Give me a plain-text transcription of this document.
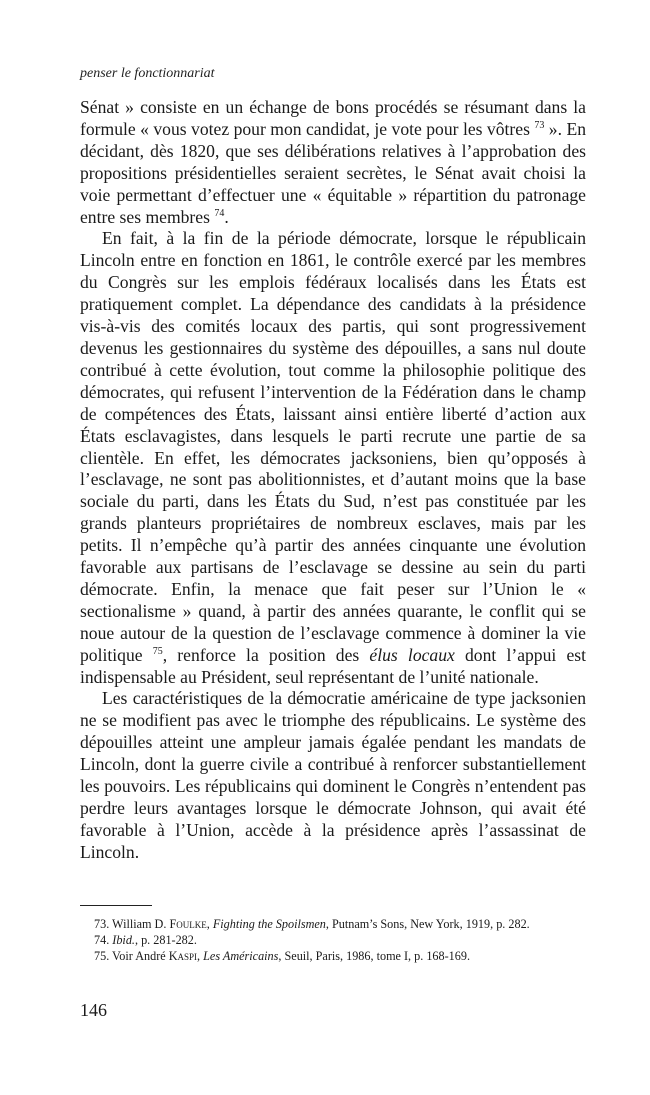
penser le fonctionnariat

Sénat » consiste en un échange de bons procédés se résumant dans la formule « vous votez pour mon candidat, je vote pour les vôtres $^{73}$ ». En décidant, dès 1820, que ses délibérations relatives à l’approbation des propositions présidentielles seraient secrètes, le Sénat avait choisi la voie permettant d’effectuer une « équitable » répartition du patronage entre ses membres $^{74}$.

En fait, à la fin de la période démocrate, lorsque le républicain Lincoln entre en fonction en 1861, le contrôle exercé par les membres du Congrès sur les emplois fédéraux localisés dans les États est pratiquement complet. La dépendance des candidats à la présidence vis-à-vis des comités locaux des partis, qui sont progressivement devenus les gestionnaires du système des dépouilles, a sans nul doute contribué à cette évolution, tout comme la philosophie politique des démocrates, qui refusent l’intervention de la Fédération dans le champ de compétences des États, laissant ainsi entière liberté d’action aux États esclavagistes, dans lesquels le parti recrute une partie de sa clientèle. En effet, les démocrates jacksoniens, bien qu’opposés à l’esclavage, ne sont pas abolitionnistes, et d’autant moins que la base sociale du parti, dans les États du Sud, n’est pas constituée par les grands planteurs propriétaires de nombreux esclaves, mais par les petits. Il n’empêche qu’à partir des années cinquante une évolution favorable aux partisans de l’esclavage se dessine au sein du parti démocrate. Enfin, la menace que fait peser sur l’Union le « sectionalisme » quand, à partir des années quarante, le conflit qui se noue autour de la question de l’esclavage commence à dominer la vie politique $^{75}$, renforce la position des élus locaux dont l’appui est indispensable au Président, seul représentant de l’unité nationale.

Les caractéristiques de la démocratie américaine de type jacksonien ne se modifient pas avec le triomphe des républicains. Le système des dépouilles atteint une ampleur jamais égalée pendant les mandats de Lincoln, dont la guerre civile a contribué à renforcer substantiellement les pouvoirs. Les républicains qui dominent le Congrès n’entendent pas perdre leurs avantages lorsque le démocrate Johnson, qui avait été favorable à l’Union, accède à la présidence après l’assassinat de Lincoln.

73. William D. Foulke, Fighting the Spoilsmen, Putnam’s Sons, New York, 1919, p. 282.

74. Ibid., p. 281-282.

75. Voir André Kaspi, Les Américains, Seuil, Paris, 1986, tome I, p. 168-169.

146
